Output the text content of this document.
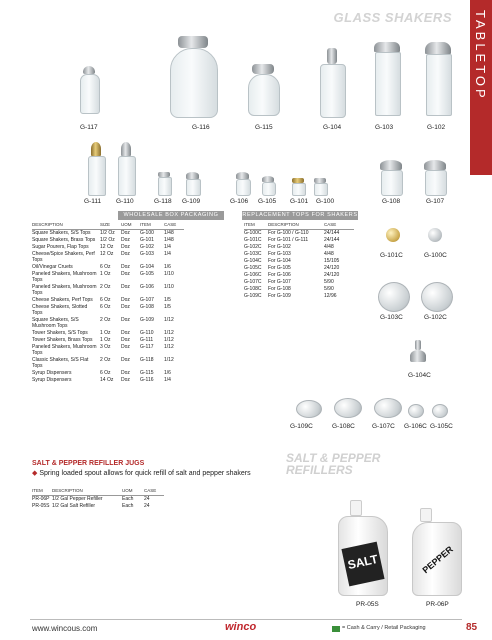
GLASS SHAKERS TABLETOP
G-117	G-116	G-115	G-104	G-103	G-102
G-111 G-110	G-118 G-109	G-106 G-105 G-101 G-100	G-108	G-107
WHOLESALE BOX PACKAGING	REPLACEMENT TOPS FOR SHAKERS
DESCRIPTION	SIZE	UOM	ITEM	CASE
Square Shakers, S/S Tops	1/2 Oz	Doz	G-100	1/48
Square Shakers, Brass Tops	1/2 Oz	Doz	G-101	1/48
Sugar Pourers, Flap Tops	12 Oz	Doz	G-102	1/4
Cheese/Spice Shakers, Perf Tops	12 Oz	Doz	G-103	1/4
Oil/Vinegar Cruets	6 Oz	Doz	G-104	1/6
Paneled Shakers, Mushroom Tops	1 Oz	Doz	G-105	1/10
Paneled Shakers, Mushroom Tops	2 Oz	Doz	G-106	1/10
Cheese Shakers, Perf Tops	6 Oz	Doz	G-107	1/5
Cheese Shakers, Slotted Tops	6 Oz	Doz	G-108	1/5
Square Shakers, S/S Mushroom Tops	2 Oz	Doz	G-109	1/12
Tower Shakers, S/S Tops	1 Oz	Doz	G-110	1/12
Tower Shakers, Brass Tops	1 Oz	Doz	G-111	1/12
Paneled Shakers, Mushroom Tops	3 Oz	Doz	G-117	1/12
Classic Shakers, S/S Flat Tops	2 Oz	Doz	G-118	1/12
Syrup Dispensers	6 Oz	Doz	G-115	1/6
Syrup Dispensers	14 Oz	Doz	G-116	1/4
ITEM	DESCRIPTION	CASE
G-100C	For G-100 / G-110	24/144
G-101C	For G-101 / G-111	24/144
G-102C	For G-102	4/48
G-103C	For G-103	4/48
G-104C	For G-104	15/105
G-105C	For G-105	24/120
G-106C	For G-106	24/120
G-107C	For G-107	5/90
G-108C	For G-108	5/90
G-109C	For G-109	12/96
G-101C	G-100C
G-103C	G-102C
G-104C
G-109C	G-108C	G-107C G-106C G-105C
SALT & PEPPER REFILLER JUGS
◆ Spring loaded spout allows for quick refill of salt and pepper shakers
ITEM	DESCRIPTION	UOM	CASE
PR-06P	1/2 Gal Pepper Refiller	Each	24
PR-05S	1/2 Gal Salt Refiller	Each	24
SALT & PEPPER
REFILLERS
SALT	PEPPER
PR-05S	PR-06P
www.wincous.com	winco	= Cash & Carry / Retail Packaging	85
